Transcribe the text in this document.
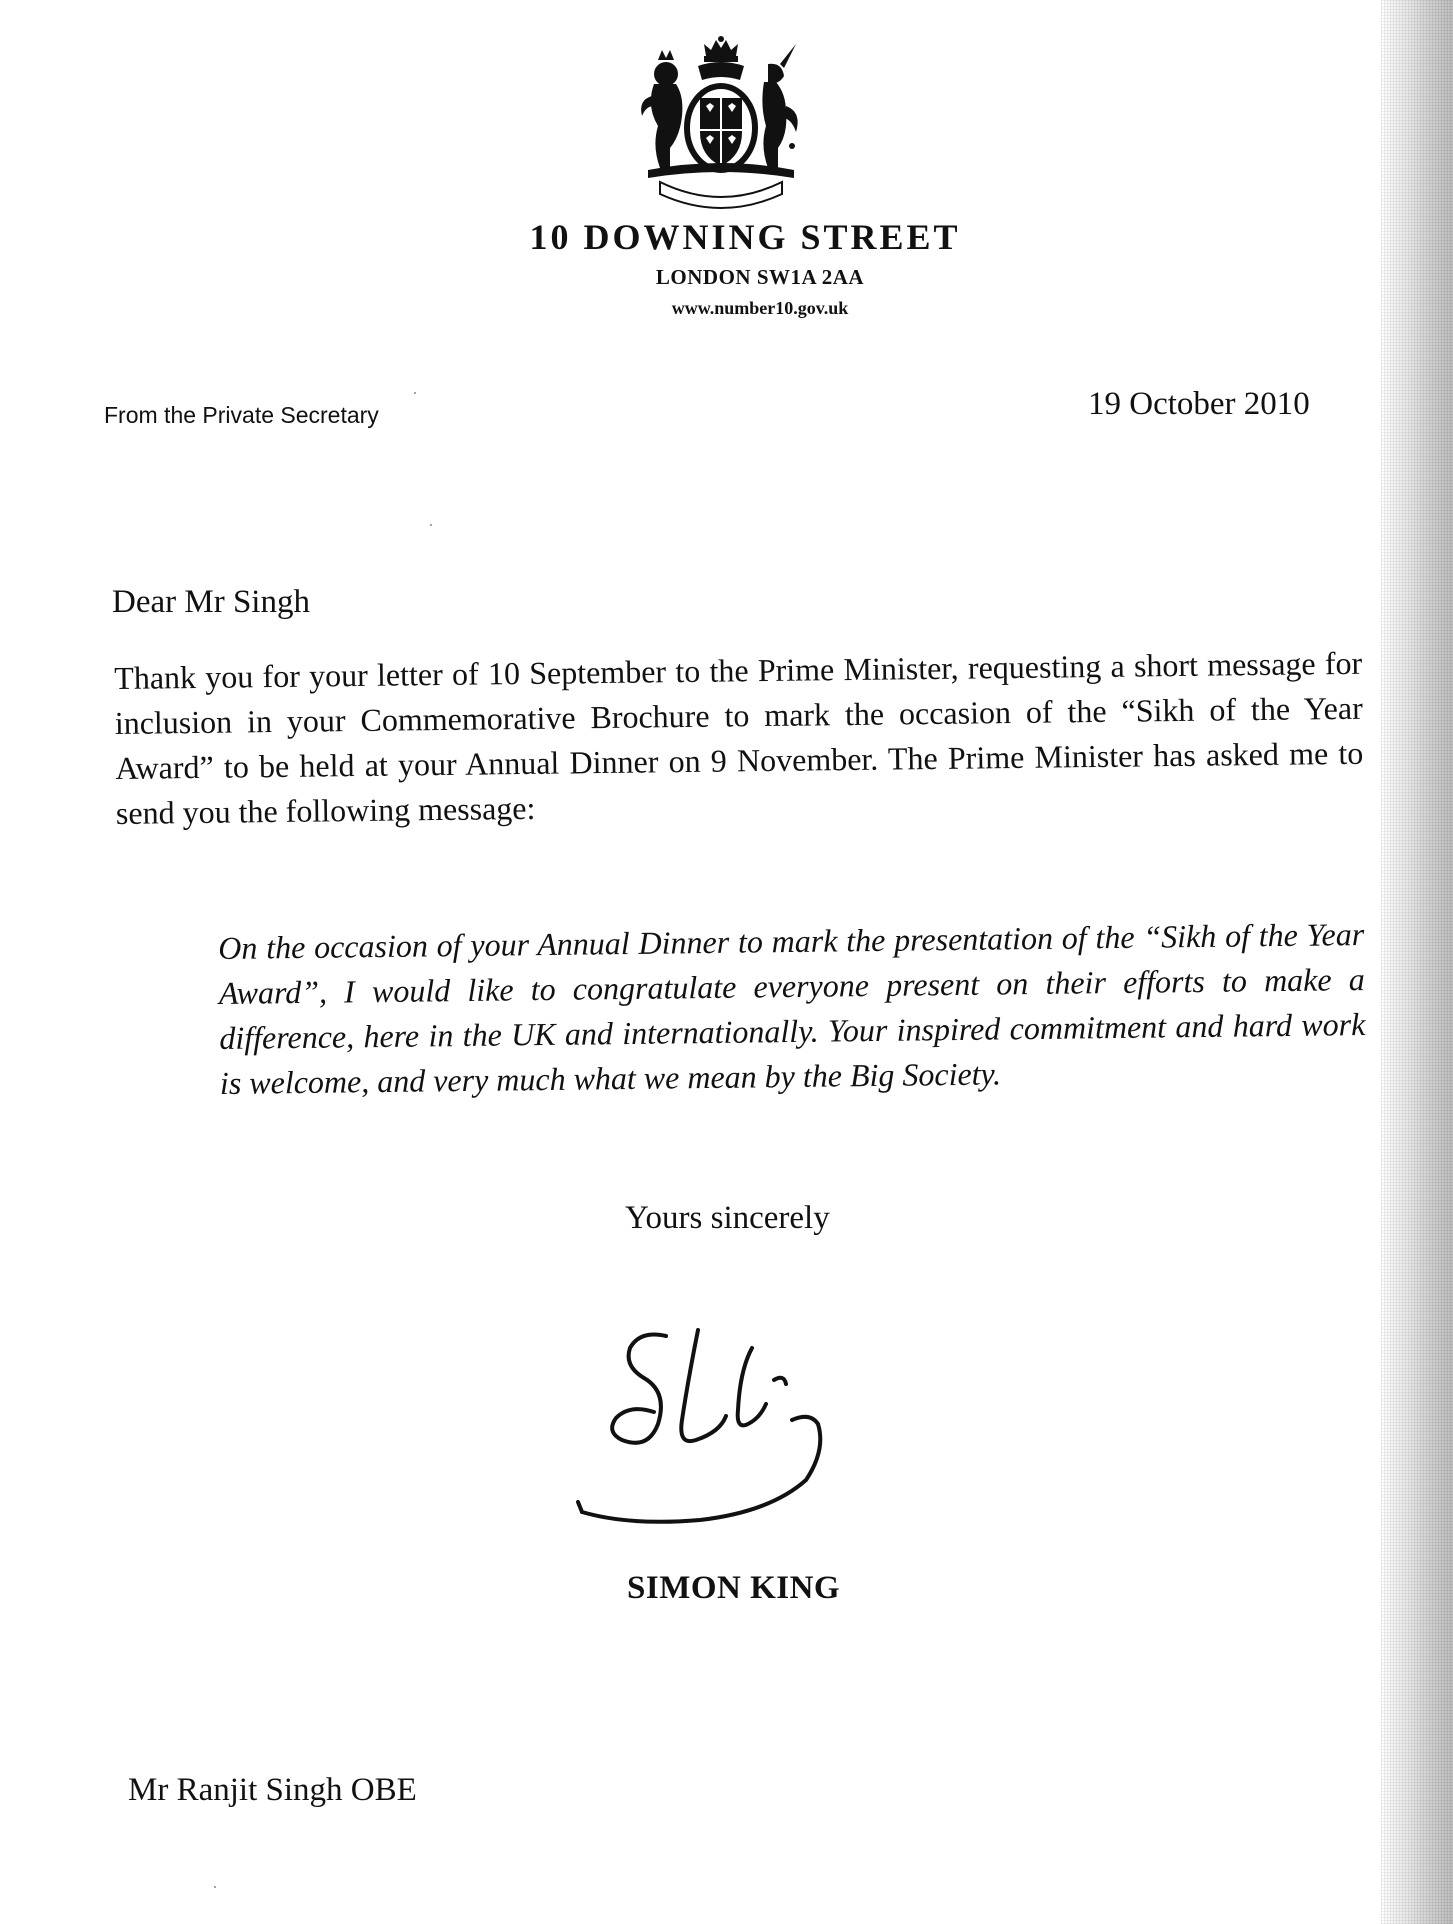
10 DOWNING STREET
LONDON SW1A 2AA
www.number10.gov.uk
From the Private Secretary	19 October 2010
Dear Mr Singh
Thank you for your letter of 10 September to the Prime Minister, requesting a short message for inclusion in your Commemorative Brochure to mark the occasion of the “Sikh of the Year Award” to be held at your Annual Dinner on 9 November. The Prime Minister has asked me to send you the following message:
On the occasion of your Annual Dinner to mark the presentation of the “Sikh of the Year Award”, I would like to congratulate everyone present on their efforts to make a difference, here in the UK and internationally. Your inspired commitment and hard work is welcome, and very much what we mean by the Big Society.
Yours sincerely
SIMON KING
Mr Ranjit Singh OBE
